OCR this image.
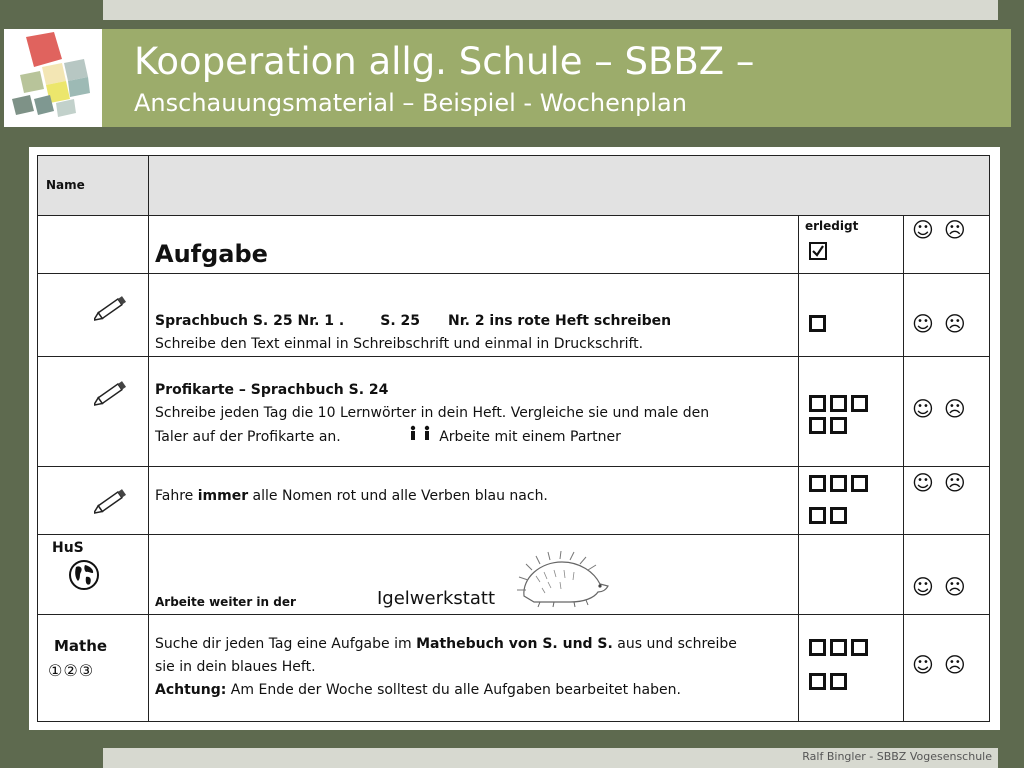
Kooperation allg. Schule – SBBZ –
Anschauungsmaterial – Beispiel - Wochenplan
Name			

	Aufgabe	erledigt	☺ ☹

Sprachbuch S. 25 Nr. 1 . S. 25 Nr. 2 ins rote Heft schreiben
Schreibe den Text einmal in Schreibschrift und einmal in Druckschrift.		☺ ☹

Profikarte – Sprachbuch S. 24
Schreibe jeden Tag die 10 Lernwörter in dein Heft. Vergleiche sie und male den
Taler auf der Profikarte an. Arbeite mit einem Partner		☺ ☹

Fahre immer alle Nomen rot und alle Verben blau nach.		☺ ☹

HuS	Arbeite weiter in der Igelwerkstatt		☺ ☹

Mathe
①②③	Suche dir jeden Tag eine Aufgabe im Mathebuch von S. und S. aus und schreibe
sie in dein blaues Heft.
Achtung: Am Ende der Woche solltest du alle Aufgaben bearbeitet haben.		☺ ☹
Ralf Bingler - SBBZ Vogesenschule
